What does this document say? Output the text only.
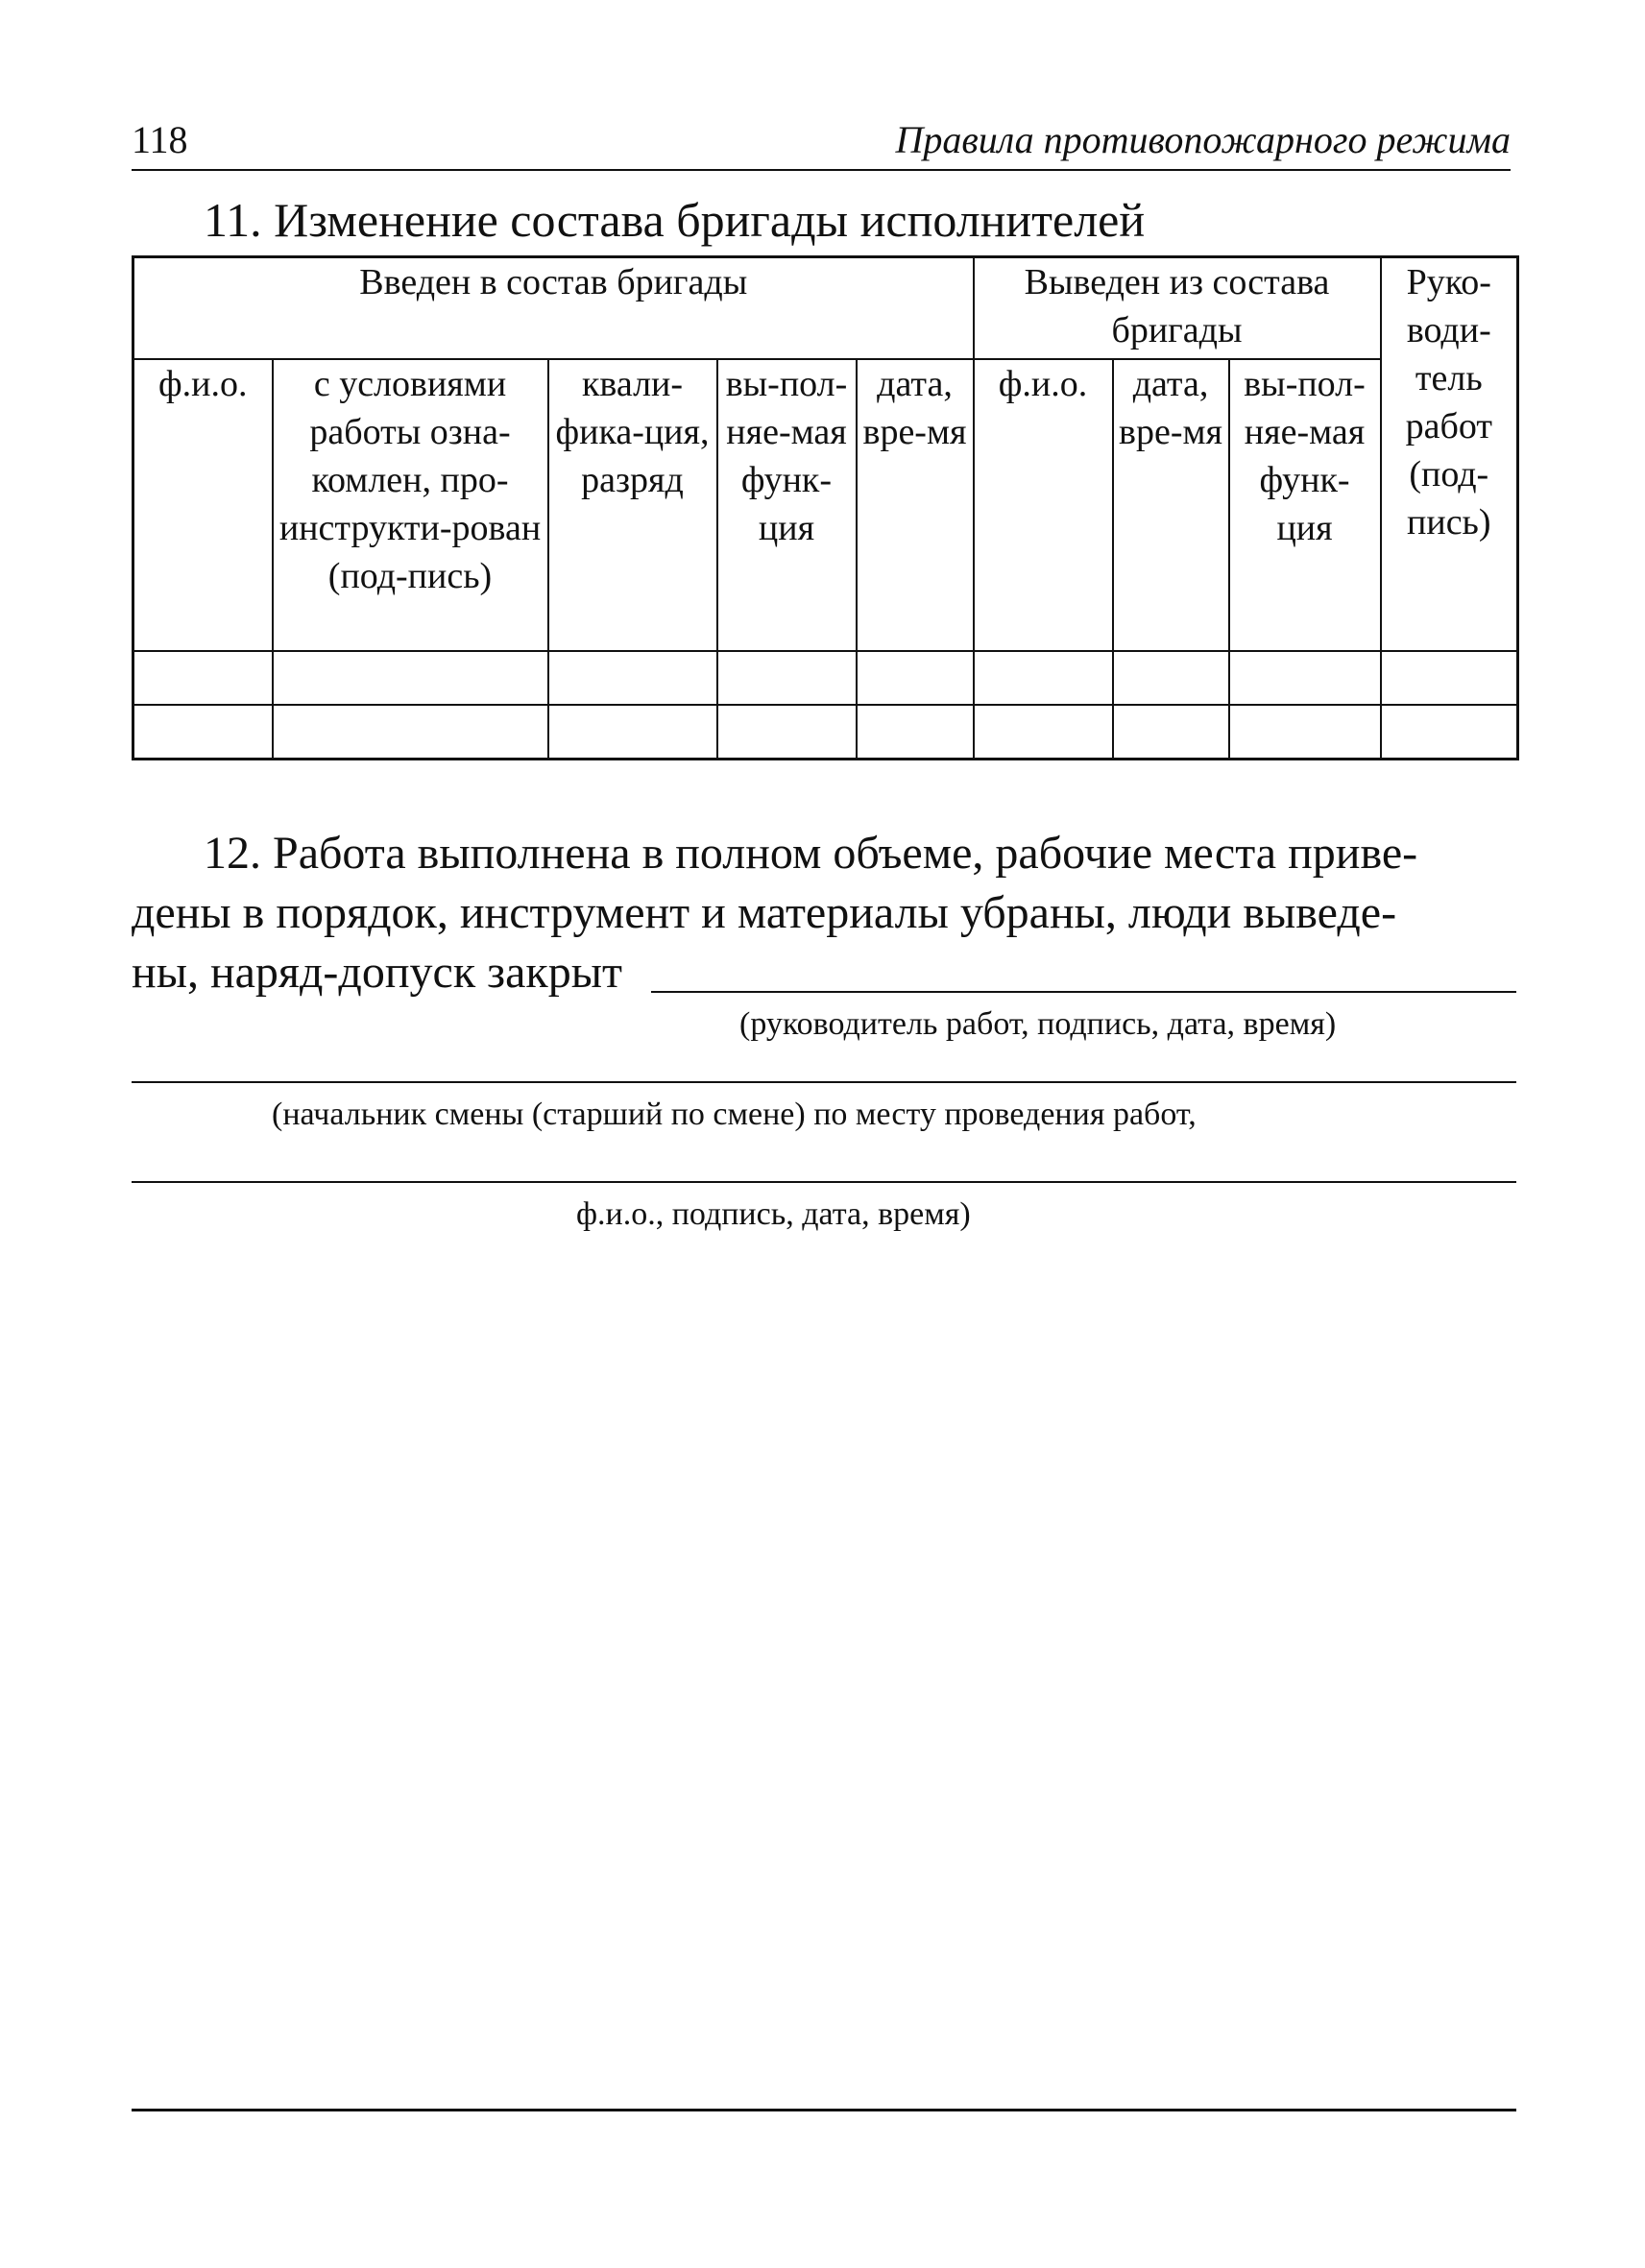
118	Правила противопожарного режима
11. Изменение состава бригады исполнителей
Введен в состав бригады					Выведен из состава бригады			Руко-води-тель работ (под-пись)
ф.и.о.	с условиями работы озна-комлен, про-инструкти-рован (под-пись)	квали-фика-ция, разряд	вы-пол-няе-мая функ-ция	дата, вре-мя	ф.и.о.	дата, вре-мя	вы-пол-няе-мая функ-ция	

12. Работа выполнена в полном объеме, рабочие места приве-
дены в порядок, инструмент и материалы убраны, люди выведе-
ны, наряд-допуск закрыт
(руководитель работ, подпись, дата, время)
(начальник смены (старший по смене) по месту проведения работ,
ф.и.о., подпись, дата, время)
